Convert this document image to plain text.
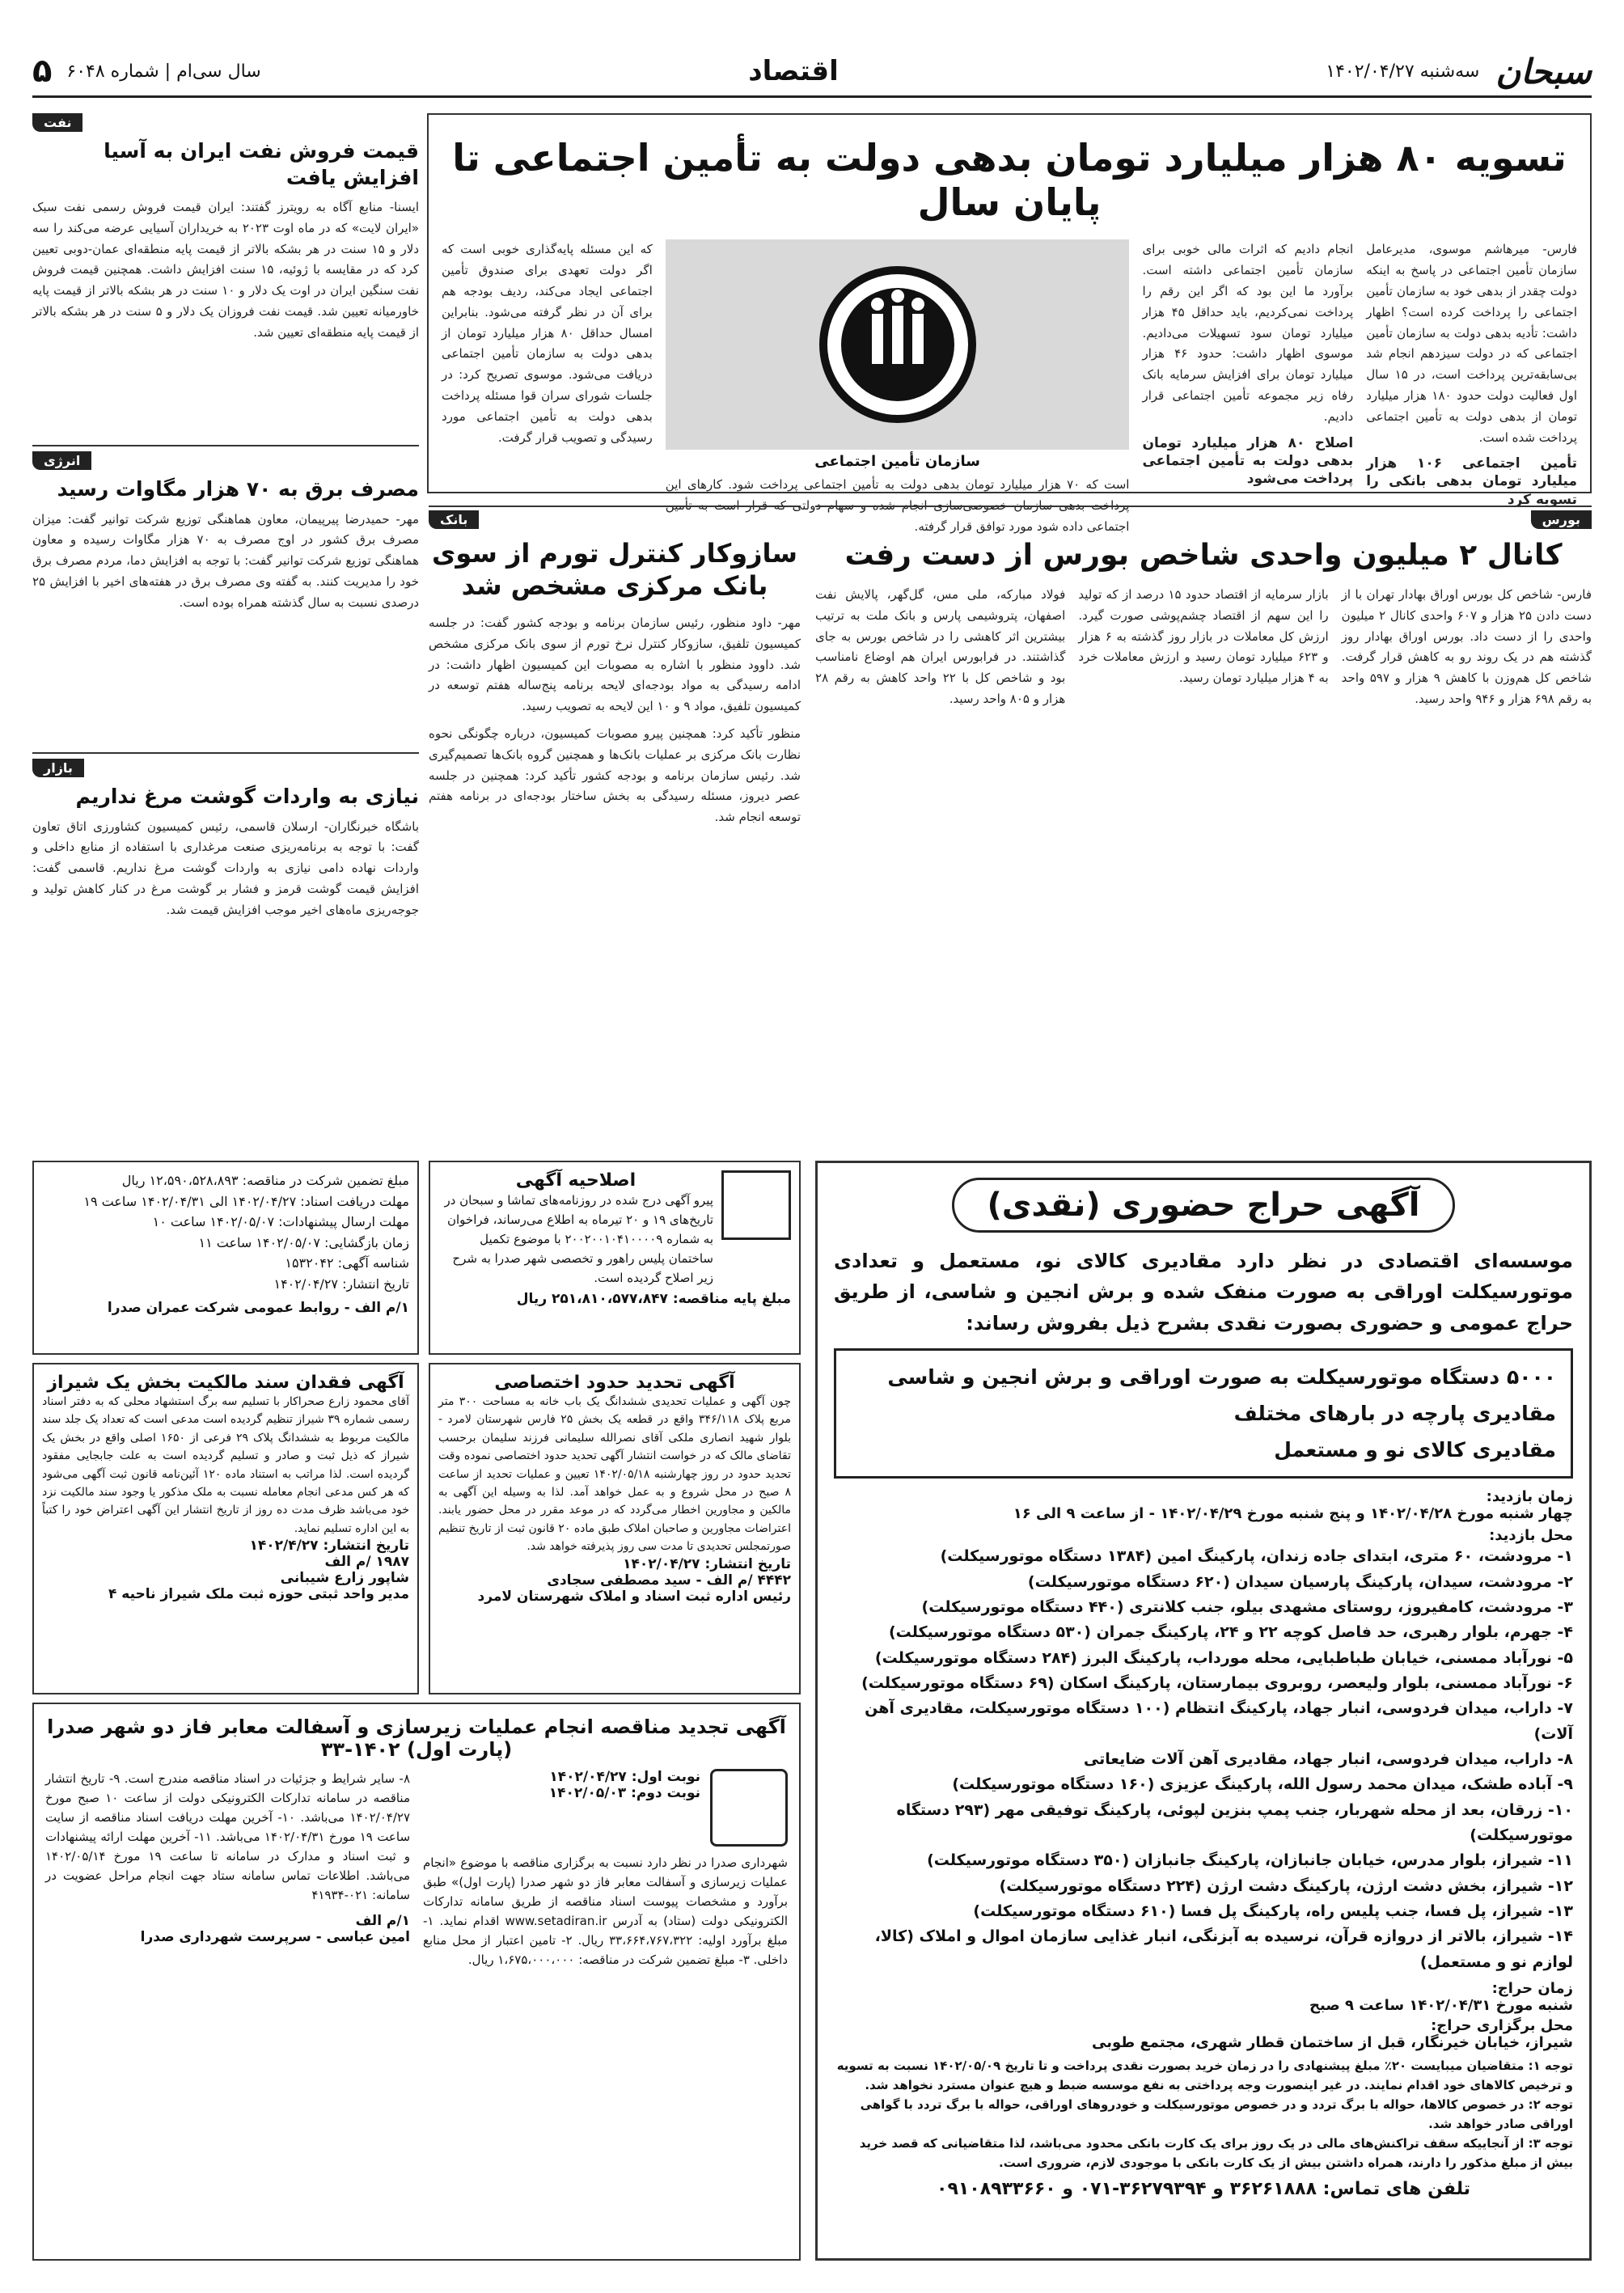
سبحان
سه‌شنبه ۱۴۰۲/۰۴/۲۷
اقتصاد
۵ سال سی‌ام | شماره ۶۰۴۸
تسویه ۸۰ هزار میلیارد تومان بدهی دولت به تأمین اجتماعی تا پایان سال
فارس- میرهاشم موسوی، مدیرعامل سازمان تأمین اجتماعی در پاسخ به اینکه دولت چقدر از بدهی خود به سازمان تأمین اجتماعی را پرداخت کرده است؟ اظهار داشت: تأدیه بدهی دولت به سازمان تأمین اجتماعی که در دولت سیزدهم انجام شد بی‌سابقه‌ترین پرداخت است، در ۱۵ سال اول فعالیت دولت حدود ۱۸۰ هزار میلیارد تومان از بدهی دولت به تأمین اجتماعی پرداخت شده است.
تأمین اجتماعی ۱۰۶ هزار میلیارد تومان بدهی بانکی را تسویه کرد
انجام دادیم که اثرات مالی خوبی برای سازمان تأمین اجتماعی داشته است. برآورد ما این بود که اگر این رقم را پرداخت نمی‌کردیم، باید حداقل ۴۵ هزار میلیارد تومان سود تسهیلات می‌دادیم. موسوی اظهار داشت: حدود ۴۶ هزار میلیارد تومان برای افزایش سرمایه بانک رفاه زیر مجموعه تأمین اجتماعی قرار دادیم.
اصلاح ۸۰ هزار میلیارد تومان بدهی دولت به تأمین اجتماعی پرداخت می‌شود
سازمان تأمین اجتماعی
است که ۷۰ هزار میلیارد تومان بدهی دولت به تأمین اجتماعی پرداخت شود. کارهای این پرداخت بدهی سازمان خصوصی‌سازی انجام شده و سهام دولتی که قرار است به تأمین اجتماعی داده شود مورد توافق قرار گرفته.
که این مسئله پایه‌گذاری خوبی است که اگر دولت تعهدی برای صندوق تأمین اجتماعی ایجاد می‌کند، ردیف بودجه هم برای آن در نظر گرفته می‌شود. بنابراین امسال حداقل ۸۰ هزار میلیارد تومان از بدهی دولت به سازمان تأمین اجتماعی دریافت می‌شود. موسوی تصریح کرد: در جلسات شورای سران قوا مسئله پرداخت بدهی دولت به تأمین اجتماعی مورد رسیدگی و تصویب قرار گرفت.
نفت
قیمت فروش نفت ایران به آسیا افزایش یافت
ایسنا- منابع آگاه به رویترز گفتند: ایران قیمت فروش رسمی نفت سبک «ایران لایت» که در ماه اوت ۲۰۲۳ به خریداران آسیایی عرضه می‌کند را سه دلار و ۱۵ سنت در هر بشکه بالاتر از قیمت پایه منطقه‌ای عمان-دوبی تعیین کرد که در مقایسه با ژوئیه، ۱۵ سنت افزایش داشت. همچنین قیمت فروش نفت سنگین ایران در اوت یک دلار و ۱۰ سنت در هر بشکه بالاتر از قیمت پایه خاورمیانه تعیین شد. قیمت نفت فروزان یک دلار و ۵ سنت در هر بشکه بالاتر از قیمت پایه منطقه‌ای تعیین شد.
انرژی
مصرف برق به ۷۰ هزار مگاوات رسید
مهر- حمیدرضا پیرپیمان، معاون هماهنگی توزیع شرکت توانیر گفت: میزان مصرف برق کشور در اوج مصرف به ۷۰ هزار مگاوات رسیده و معاون هماهنگی توزیع شرکت توانیر گفت: با توجه به افزایش دما، مردم مصرف برق خود را مدیریت کنند. به گفته وی مصرف برق در هفته‌های اخیر با افزایش ۲۵ درصدی نسبت به سال گذشته همراه بوده است.
بازار
نیازی به واردات گوشت مرغ نداریم
باشگاه خبرنگاران- ارسلان قاسمی، رئیس کمیسیون کشاورزی اتاق تعاون گفت: با توجه به برنامه‌ریزی صنعت مرغداری با استفاده از منابع داخلی و واردات نهاده دامی نیازی به واردات گوشت مرغ نداریم. قاسمی گفت: افزایش قیمت گوشت قرمز و فشار بر گوشت مرغ در کنار کاهش تولید و جوجه‌ریزی ماه‌های اخیر موجب افزایش قیمت شد.
بورس
کانال ۲ میلیون واحدی شاخص بورس از دست رفت
فارس- شاخص کل بورس اوراق بهادار تهران با از دست دادن ۲۵ هزار و ۶۰۷ واحدی کانال ۲ میلیون واحدی را از دست داد. بورس اوراق بهادار روز گذشته هم در یک روند رو به کاهش قرار گرفت. شاخص کل هم‌وزن با کاهش ۹ هزار و ۵۹۷ واحد به رقم ۶۹۸ هزار و ۹۴۶ واحد رسید.
بازار سرمایه از اقتصاد حدود ۱۵ درصد از که تولید را این سهم از اقتصاد چشم‌پوشی صورت گیرد. ارزش کل معاملات در بازار روز گذشته به ۶ هزار و ۶۲۳ میلیارد تومان رسید و ارزش معاملات خرد به ۴ هزار میلیارد تومان رسید.
فولاد مبارکه، ملی مس، گل‌گهر، پالایش نفت اصفهان، پتروشیمی پارس و بانک ملت به ترتیب بیشترین اثر کاهشی را در شاخص بورس به جای گذاشتند. در فرابورس ایران هم اوضاع نامناسب بود و شاخص کل با ۲۲ واحد کاهش به رقم ۲۸ هزار و ۸۰۵ واحد رسید.
بانک
سازوکار کنترل تورم از سوی بانک مرکزی مشخص شد
مهر- داود منظور، رئیس سازمان برنامه و بودجه کشور گفت: در جلسه کمیسیون تلفیق، سازوکار کنترل نرخ تورم از سوی بانک مرکزی مشخص شد. داوود منظور با اشاره به مصوبات این کمیسیون اظهار داشت: در ادامه رسیدگی به مواد بودجه‌ای لایحه برنامه پنج‌ساله هفتم توسعه در کمیسیون تلفیق، مواد ۹ و ۱۰ این لایحه به تصویب رسید.
منظور تأکید کرد: همچنین پیرو مصوبات کمیسیون، درباره چگونگی نحوه نظارت بانک مرکزی بر عملیات بانک‌ها و همچنین گروه بانک‌ها تصمیم‌گیری شد. رئیس سازمان برنامه و بودجه کشور تأکید کرد: همچنین در جلسه عصر دیروز، مسئله رسیدگی به بخش ساختار بودجه‌ای در برنامه هفتم توسعه انجام شد.
آگهی حراج حضوری (نقدی)
موسسه‌ای اقتصادی در نظر دارد مقادیری کالای نو، مستعمل و تعدادی موتورسیکلت اوراقی به صورت منفک شده و برش انجین و شاسی، از طریق حراج عمومی و حضوری بصورت نقدی بشرح ذیل بفروش رساند:
۵۰۰۰ دستگاه موتورسیکلت به صورت اوراقی و برش انجین و شاسی
مقادیری پارچه در بارهای مختلف
مقادیری کالای نو و مستعمل
زمان بازدید:
چهار شنبه مورخ ۱۴۰۲/۰۴/۲۸ و پنج شنبه مورخ ۱۴۰۲/۰۴/۲۹ - از ساعت ۹ الی ۱۶
محل بازدید:
۱- مرودشت، ۶۰ متری، ابتدای جاده زندان، پارکینگ امین (۱۳۸۴ دستگاه موتورسیکلت)
۲- مرودشت، سیدان، پارکینگ پارسیان سیدان (۶۲۰ دستگاه موتورسیکلت)
۳- مرودشت، کامفیروز، روستای مشهدی بیلو، جنب کلانتری (۴۴۰ دستگاه موتورسیکلت)
۴- جهرم، بلوار رهبری، حد فاصل کوچه ۲۲ و ۲۴، پارکینگ جمران (۵۳۰ دستگاه موتورسیکلت)
۵- نورآباد ممسنی، خیابان طباطبایی، محله مورداب، پارکینگ البرز (۲۸۴ دستگاه موتورسیکلت)
۶- نورآباد ممسنی، بلوار ولیعصر، روبروی بیمارستان، پارکینگ اسکان (۶۹ دستگاه موتورسیکلت)
۷- داراب، میدان فردوسی، انبار جهاد، پارکینگ انتظام (۱۰۰ دستگاه موتورسیکلت، مقادیری آهن آلات)
۸- داراب، میدان فردوسی، انبار جهاد، مقادیری آهن آلات ضایعاتی
۹- آباده طشک، میدان محمد رسول الله، پارکینگ عزیزی (۱۶۰ دستگاه موتورسیکلت)
۱۰- زرقان، بعد از محله شهربار، جنب پمپ بنزین لپوئی، پارکینگ توفیقی مهر (۲۹۳ دستگاه موتورسیکلت)
۱۱- شیراز، بلوار مدرس، خیابان جانبازان، پارکینگ جانبازان (۳۵۰ دستگاه موتورسیکلت)
۱۲- شیراز، بخش دشت ارژن، پارکینگ دشت ارژن (۲۲۴ دستگاه موتورسیکلت)
۱۳- شیراز، پل فسا، جنب پلیس راه، پارکینگ پل فسا (۶۱۰ دستگاه موتورسیکلت)
۱۴- شیراز، بالاتر از دروازه قرآن، نرسیده به آبزنگی، انبار غذایی سازمان اموال و املاک (کالا، لوازم نو و مستعمل)
زمان حراج:
شنبه مورخ ۱۴۰۲/۰۴/۳۱ ساعت ۹ صبح
محل برگزاری حراج:
شیراز، خیابان خیرنگار، قبل از ساختمان قطار شهری، مجتمع طوبی
توجه ۱: متقاضیان میبایست ۲۰٪ مبلغ پیشنهادی را در زمان خرید بصورت نقدی پرداخت و تا تاریخ ۱۴۰۲/۰۵/۰۹ نسبت به تسویه و ترخیص کالاهای خود اقدام نمایند. در غیر اینصورت وجه پرداختی به نفع موسسه ضبط و هیچ عنوان مسترد نخواهد شد.
توجه ۲: در خصوص کالاها، حواله با برگ تردد و در خصوص موتورسیکلت و خودروهای اوراقی، حواله با برگ تردد با گواهی اوراقی صادر خواهد شد.
توجه ۳: از آنجاییکه سقف تراکنش‌های مالی در یک روز برای یک کارت بانکی محدود می‌باشد، لذا متقاضیانی که قصد خرید بیش از مبلغ مذکور را دارند، همراه داشتن بیش از یک کارت بانکی با موجودی لازم، ضروری است.
تلفن های تماس: ۳۶۲۶۱۸۸۸ و ۳۶۲۷۹۳۹۴-۰۷۱ و ۰۹۱۰۸۹۳۳۶۶۰
اصلاحیه آگهی
پیرو آگهی درج شده در روزنامه‌های تماشا و سبحان در تاریخ‌های ۱۹ و ۲۰ تیرماه به اطلاع می‌رساند، فراخوان به شماره ۲۰۰۲۰۰۱۰۴۱۰۰۰۰۹ با موضوع تکمیل ساختمان پلیس راهور و تخصصی شهر صدرا به شرح زیر اصلاح گردیده است.
مبلغ پایه مناقصه: ۲۵۱،۸۱۰،۵۷۷،۸۴۷ ریال
مبلغ تضمین شرکت در مناقصه: ۱۲،۵۹۰،۵۲۸،۸۹۳ ریال
مهلت دریافت اسناد: ۱۴۰۲/۰۴/۲۷ الی ۱۴۰۲/۰۴/۳۱ ساعت ۱۹
مهلت ارسال پیشنهادات: ۱۴۰۲/۰۵/۰۷ ساعت ۱۰
زمان بازگشایی: ۱۴۰۲/۰۵/۰۷ ساعت ۱۱
شناسه آگهی: ۱۵۳۲۰۴۲
تاریخ انتشار: ۱۴۰۲/۰۴/۲۷
۱/م الف - روابط عمومی شرکت عمران صدرا
آگهی تحدید حدود اختصاصی
چون آگهی و عملیات تحدیدی ششدانگ یک باب خانه به مساحت ۳۰۰ متر مربع پلاک ۳۴۶/۱۱۸ واقع در قطعه یک بخش ۲۵ فارس شهرستان لامرد - بلوار شهید انصاری ملکی آقای نصرالله سلیمانی فرزند سلیمان برحسب تقاضای مالک که در خواست انتشار آگهی تحدید حدود اختصاصی نموده وقت تحدید حدود در روز چهارشنبه ۱۴۰۲/۰۵/۱۸ تعیین و عملیات تحدید از ساعت ۸ صبح در محل شروع و به عمل خواهد آمد. لذا به وسیله این آگهی به مالکین و مجاورین اخطار می‌گردد که در موعد مقرر در محل حضور یابند. اعتراضات مجاورین و صاحبان املاک طبق ماده ۲۰ قانون ثبت از تاریخ تنظیم صورتمجلس تحدیدی تا مدت سی روز پذیرفته خواهد شد.
تاریخ انتشار: ۱۴۰۲/۰۴/۲۷
۴۴۴۲ /م الف - سید مصطفی سجادی
رئیس اداره ثبت اسناد و املاک شهرستان لامرد
آگهی فقدان سند مالکیت بخش یک شیراز
آقای محمود زارع صحراکار با تسلیم سه برگ استشهاد محلی که به دفتر اسناد رسمی شماره ۳۹ شیراز تنظیم گردیده است مدعی است که تعداد یک جلد سند مالکیت مربوط به ششدانگ پلاک ۲۹ فرعی از ۱۶۵۰ اصلی واقع در بخش یک شیراز که ذیل ثبت و صادر و تسلیم گردیده است به علت جابجایی مفقود گردیده است. لذا مراتب به استناد ماده ۱۲۰ آئین‌نامه قانون ثبت آگهی می‌شود که هر کس مدعی انجام معامله نسبت به ملک مذکور یا وجود سند مالکیت نزد خود می‌باشد ظرف مدت ده روز از تاریخ انتشار این آگهی اعتراض خود را کتباً به این اداره تسلیم نماید.
تاریخ انتشار: ۱۴۰۲/۴/۲۷
۱۹۸۷ /م الف
شاپور زارع شیبانی
مدیر واحد ثبتی حوزه ثبت ملک شیراز ناحیه ۴
آگهی تجدید مناقصه انجام عملیات زیرسازی و آسفالت معابر فاز دو شهر صدرا (پارت اول) ۱۴۰۲-۳۳
نوبت اول: ۱۴۰۲/۰۴/۲۷
نوبت دوم: ۱۴۰۲/۰۵/۰۳
شهرداری صدرا در نظر دارد نسبت به برگزاری مناقصه با موضوع «انجام عملیات زیرسازی و آسفالت معابر فاز دو شهر صدرا (پارت اول)» طبق برآورد و مشخصات پیوست اسناد مناقصه از طریق سامانه تدارکات الکترونیکی دولت (ستاد) به آدرس www.setadiran.ir اقدام نماید. ۱- مبلغ برآورد اولیه: ۳۳،۶۶۴،۷۶۷،۳۲۲ ریال. ۲- تامین اعتبار از محل منابع داخلی. ۳- مبلغ تضمین شرکت در مناقصه: ۱،۶۷۵،۰۰۰،۰۰۰ ریال.
۸- سایر شرایط و جزئیات در اسناد مناقصه مندرج است. ۹- تاریخ انتشار مناقصه در سامانه تدارکات الکترونیکی دولت از ساعت ۱۰ صبح مورخ ۱۴۰۲/۰۴/۲۷ می‌باشد. ۱۰- آخرین مهلت دریافت اسناد مناقصه از سایت ساعت ۱۹ مورخ ۱۴۰۲/۰۴/۳۱ می‌باشد. ۱۱- آخرین مهلت ارائه پیشنهادات و ثبت اسناد و مدارک در سامانه تا ساعت ۱۹ مورخ ۱۴۰۲/۰۵/۱۴ می‌باشد. اطلاعات تماس سامانه ستاد جهت انجام مراحل عضویت در سامانه: ۰۲۱-۴۱۹۳۴
۱/م الف
امین عباسی - سرپرست شهرداری صدرا
